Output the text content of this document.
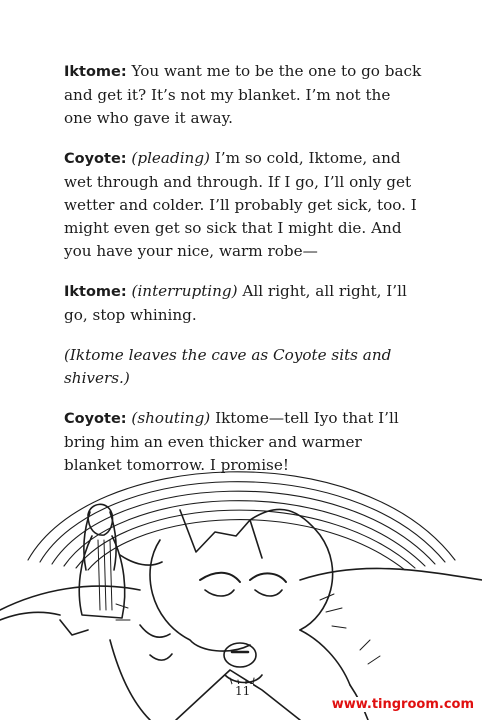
Iktome: You want me to be the one to go back and get it? It’s not my blanket. I’m not the one who gave it away.

Coyote: (pleading) I’m so cold, Iktome, and wet through and through. If I go, I’ll only get wetter and colder. I’ll probably get sick, too. I might even get so sick that I might die. And you have your nice, warm robe—

Iktome: (interrupting) All right, all right, I’ll go, stop whining.

(Iktome leaves the cave as Coyote sits and shivers.)

Coyote: (shouting) Iktome—tell Iyo that I’ll bring him an even thicker and warmer blanket tomorrow. I promise!

11
www.tingroom.com
